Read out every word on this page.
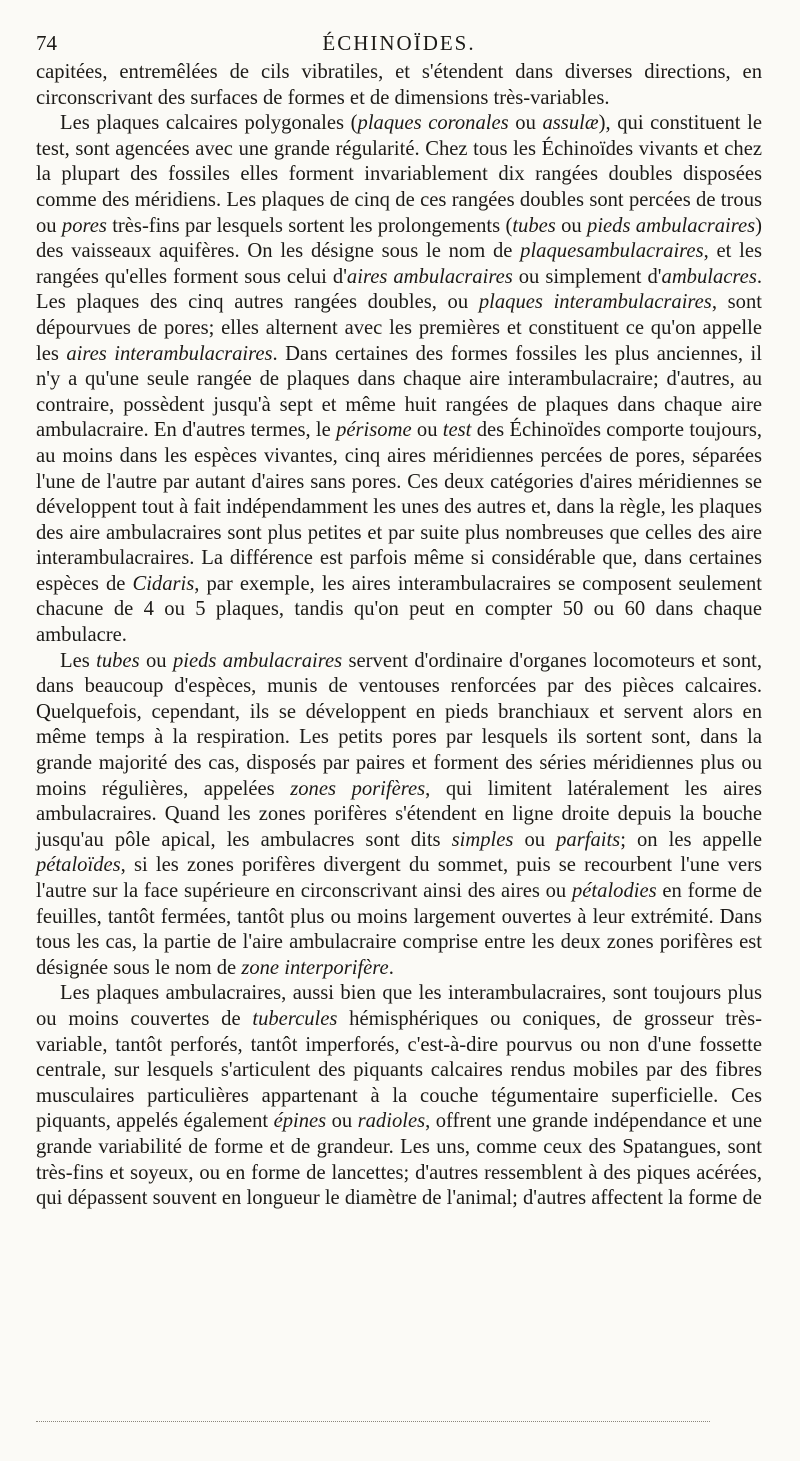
74	ÉCHINOÏDES.

capitées, entremêlées de cils vibratiles, et s'étendent dans diverses directions, en circonscrivant des surfaces de formes et de dimensions très-variables.

Les plaques calcaires polygonales (plaques coronales ou assulæ), qui constituent le test, sont agencées avec une grande régularité. Chez tous les Échinoïdes vivants et chez la plupart des fossiles elles forment invariablement dix rangées doubles disposées comme des méridiens. Les plaques de cinq de ces rangées doubles sont percées de trous ou pores très-fins par lesquels sortent les prolongements (tubes ou pieds ambulacraires) des vaisseaux aquifères. On les désigne sous le nom de plaquesambulacraires, et les rangées qu'elles forment sous celui d'aires ambulacraires ou simplement d'ambulacres. Les plaques des cinq autres rangées doubles, ou plaques interambulacraires, sont dépourvues de pores; elles alternent avec les premières et constituent ce qu'on appelle les aires interambulacraires. Dans certaines des formes fossiles les plus anciennes, il n'y a qu'une seule rangée de plaques dans chaque aire interambulacraire; d'autres, au contraire, possèdent jusqu'à sept et même huit rangées de plaques dans chaque aire ambulacraire. En d'autres termes, le périsome ou test des Échinoïdes comporte toujours, au moins dans les espèces vivantes, cinq aires méridiennes percées de pores, séparées l'une de l'autre par autant d'aires sans pores. Ces deux catégories d'aires méridiennes se développent tout à fait indépendamment les unes des autres et, dans la règle, les plaques des aire ambulacraires sont plus petites et par suite plus nombreuses que celles des aire interambulacraires. La différence est parfois même si considérable que, dans certaines espèces de Cidaris, par exemple, les aires interambulacraires se composent seulement chacune de 4 ou 5 plaques, tandis qu'on peut en compter 50 ou 60 dans chaque ambulacre.

Les tubes ou pieds ambulacraires servent d'ordinaire d'organes locomoteurs et sont, dans beaucoup d'espèces, munis de ventouses renforcées par des pièces calcaires. Quelquefois, cependant, ils se développent en pieds branchiaux et servent alors en même temps à la respiration. Les petits pores par lesquels ils sortent sont, dans la grande majorité des cas, disposés par paires et forment des séries méridiennes plus ou moins régulières, appelées zones porifères, qui limitent latéralement les aires ambulacraires. Quand les zones porifères s'étendent en ligne droite depuis la bouche jusqu'au pôle apical, les ambulacres sont dits simples ou parfaits; on les appelle pétaloïdes, si les zones porifères divergent du sommet, puis se recourbent l'une vers l'autre sur la face supérieure en circonscrivant ainsi des aires ou pétalodies en forme de feuilles, tantôt fermées, tantôt plus ou moins largement ouvertes à leur extrémité. Dans tous les cas, la partie de l'aire ambulacraire comprise entre les deux zones porifères est désignée sous le nom de zone interporifère.

Les plaques ambulacraires, aussi bien que les interambulacraires, sont toujours plus ou moins couvertes de tubercules hémisphériques ou coniques, de grosseur très-variable, tantôt perforés, tantôt imperforés, c'est-à-dire pourvus ou non d'une fossette centrale, sur lesquels s'articulent des piquants calcaires rendus mobiles par des fibres musculaires particulières appartenant à la couche tégumentaire superficielle. Ces piquants, appelés également épines ou radioles, offrent une grande indépendance et une grande variabilité de forme et de grandeur. Les uns, comme ceux des Spatangues, sont très-fins et soyeux, ou en forme de lancettes; d'autres ressemblent à des piques acérées, qui dépassent souvent en longueur le diamètre de l'animal; d'autres affectent la forme de
